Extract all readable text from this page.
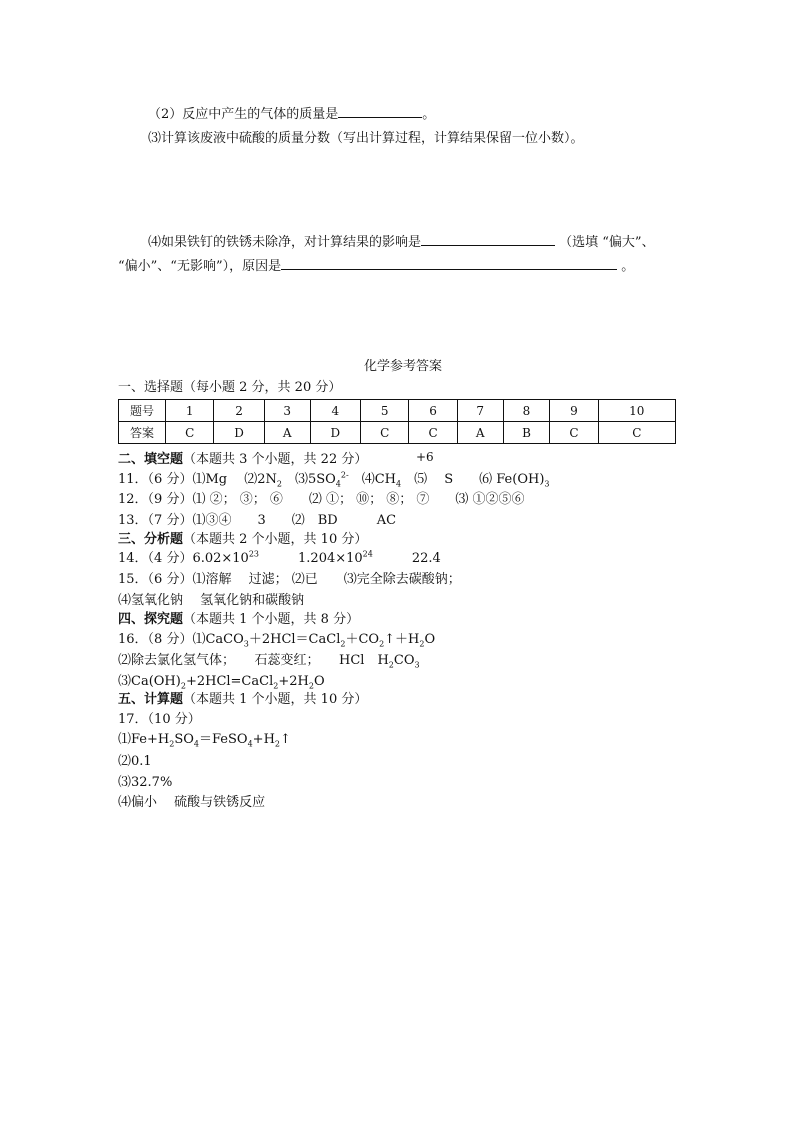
（2）反应中产生的气体的质量是	。
⑶计算该废液中硫酸的质量分数（写出计算过程，计算结果保留一位小数）。
⑷如果铁钉的铁锈未除净，对计算结果的影响是	（选填 “偏大”、
“偏小”、“无影响”），原因是	。
化学参考答案
一、选择题（每小题 2 分，共 20 分）
题号	1	2	3	4	5	6	7	8	9	10
答案	C	D	A	D	C	C	A	B	C	C
二、填空题（本题共 3 个小题，共 22 分）	+6
11．（6 分）⑴Mg　 $⑵2N_2$　$⑶5SO_4^{2-}$　$⑷CH_4$　⑸　 S　　⑹ $Fe(OH)_3$
12．（9 分）⑴ ②； ③； ⑥　　⑵ ①； ⑩； ⑧； ⑦　　⑶ ①②⑤⑥
13．（7 分）⑴③④　　3　　⑵　BD　　　AC
三、分析题（本题共 2 个小题，共 10 分）
14．（4 分）$6.02\times 10^{23}$　　　$1.204\times 10^{24}$　　　22.4
15．（6 分）⑴溶解　 过滤； ⑵已　　⑶完全除去碳酸钠；
⑷氢氧化钠　 氢氧化钠和碳酸钠
四、探究题（本题共 1 个小题，共 8 分）
16．（8 分）$⑴CaCO_3+2HCl=CaCl_2+CO_2↑+H_2O$
⑵除去氯化氢气体；　　石蕊变红；　　HCl　$H_2CO_3$
$⑶Ca(OH)_2+2HCl=CaCl_2+2H_2O$
五、计算题（本题共 1 个小题，共 10 分）
17．（10 分）
$⑴Fe+H_2SO_4=FeSO_4+H_2↑$
⑵0.1
⑶32.7%
⑷偏小　 硫酸与铁锈反应
